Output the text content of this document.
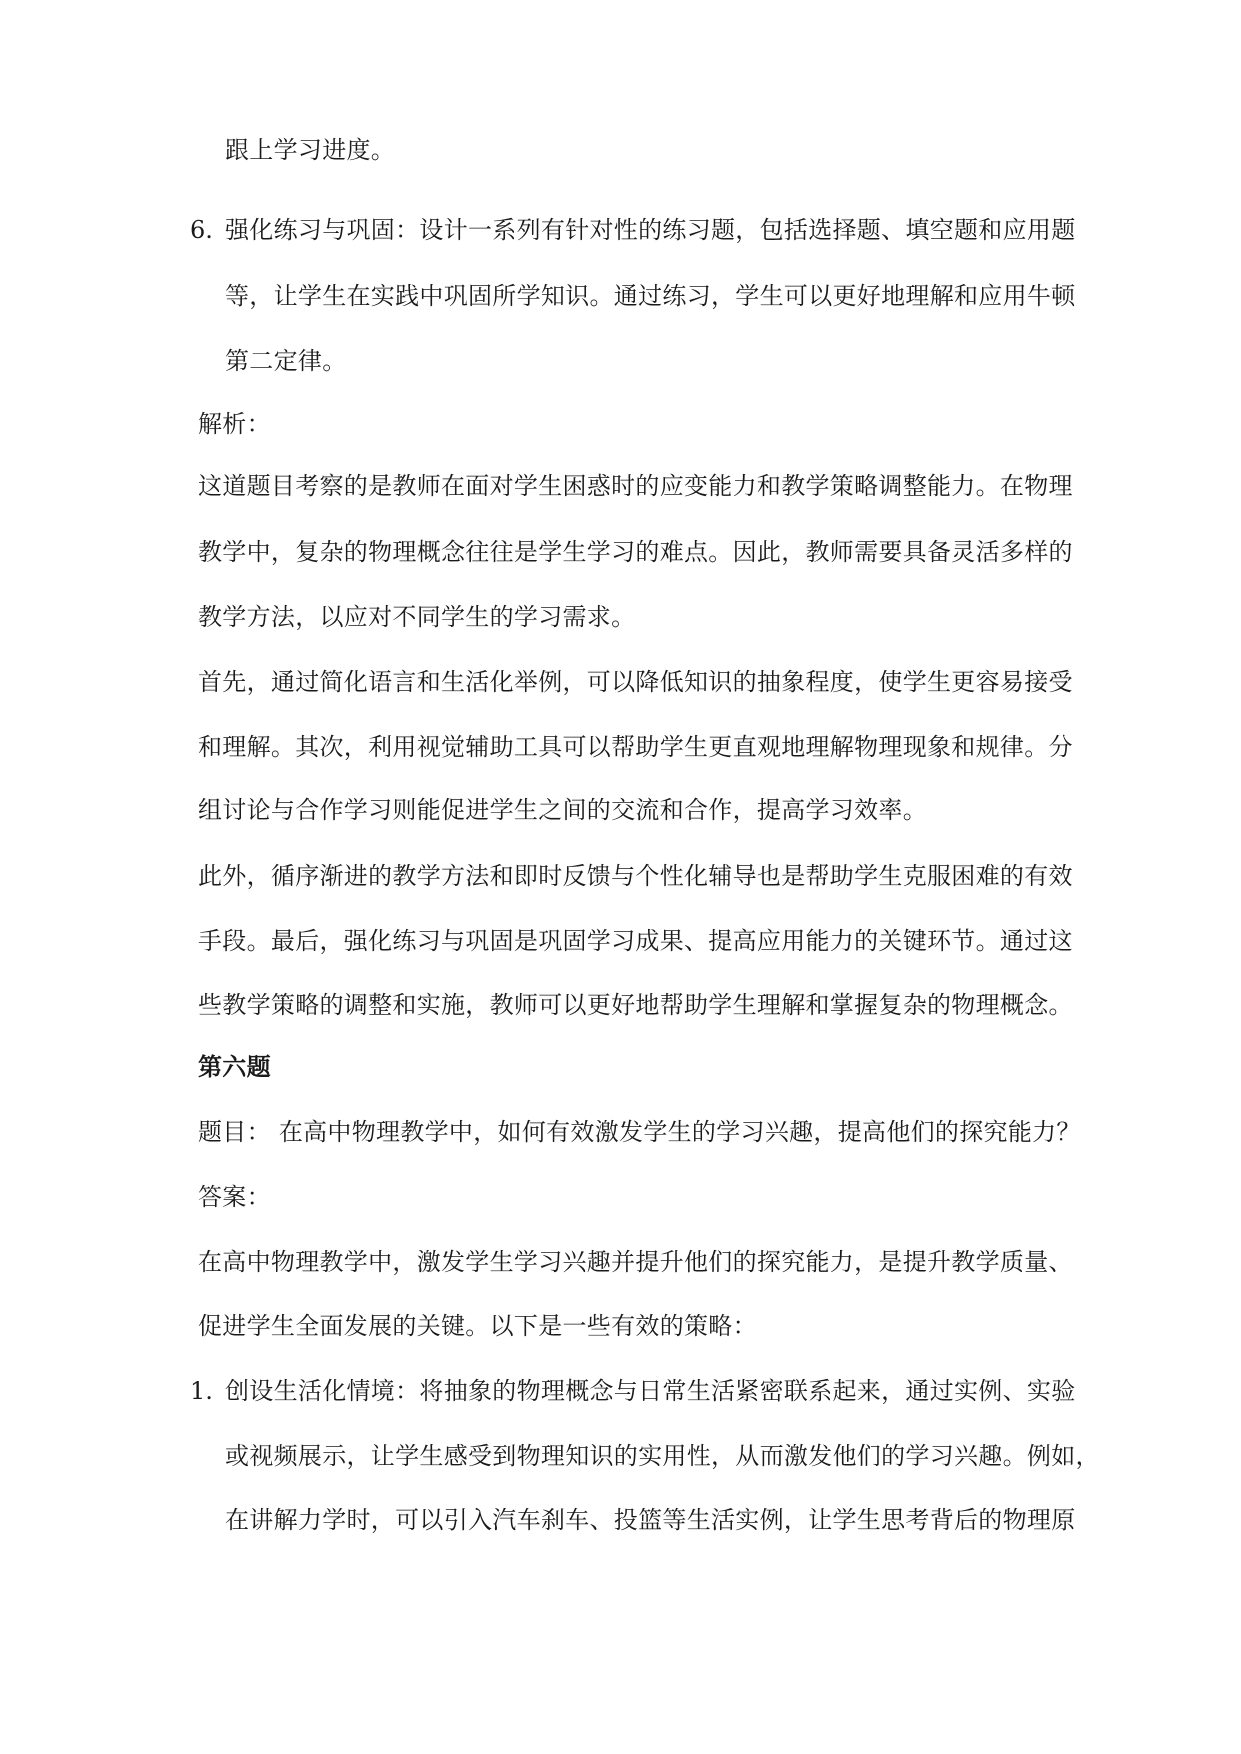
跟上学习进度。
6. 强化练习与巩固：设计一系列有针对性的练习题，包括选择题、填空题和应用题
等，让学生在实践中巩固所学知识。通过练习，学生可以更好地理解和应用牛顿
第二定律。
解析：
这道题目考察的是教师在面对学生困惑时的应变能力和教学策略调整能力。在物理
教学中，复杂的物理概念往往是学生学习的难点。因此，教师需要具备灵活多样的
教学方法，以应对不同学生的学习需求。
首先，通过简化语言和生活化举例，可以降低知识的抽象程度，使学生更容易接受
和理解。其次，利用视觉辅助工具可以帮助学生更直观地理解物理现象和规律。分
组讨论与合作学习则能促进学生之间的交流和合作，提高学习效率。
此外，循序渐进的教学方法和即时反馈与个性化辅导也是帮助学生克服困难的有效
手段。最后，强化练习与巩固是巩固学习成果、提高应用能力的关键环节。通过这
些教学策略的调整和实施，教师可以更好地帮助学生理解和掌握复杂的物理概念。
第六题
题目： 在高中物理教学中，如何有效激发学生的学习兴趣，提高他们的探究能力？
答案：
在高中物理教学中，激发学生学习兴趣并提升他们的探究能力，是提升教学质量、
促进学生全面发展的关键。以下是一些有效的策略：
1. 创设生活化情境：将抽象的物理概念与日常生活紧密联系起来，通过实例、实验
或视频展示，让学生感受到物理知识的实用性，从而激发他们的学习兴趣。例如，
在讲解力学时，可以引入汽车刹车、投篮等生活实例，让学生思考背后的物理原
